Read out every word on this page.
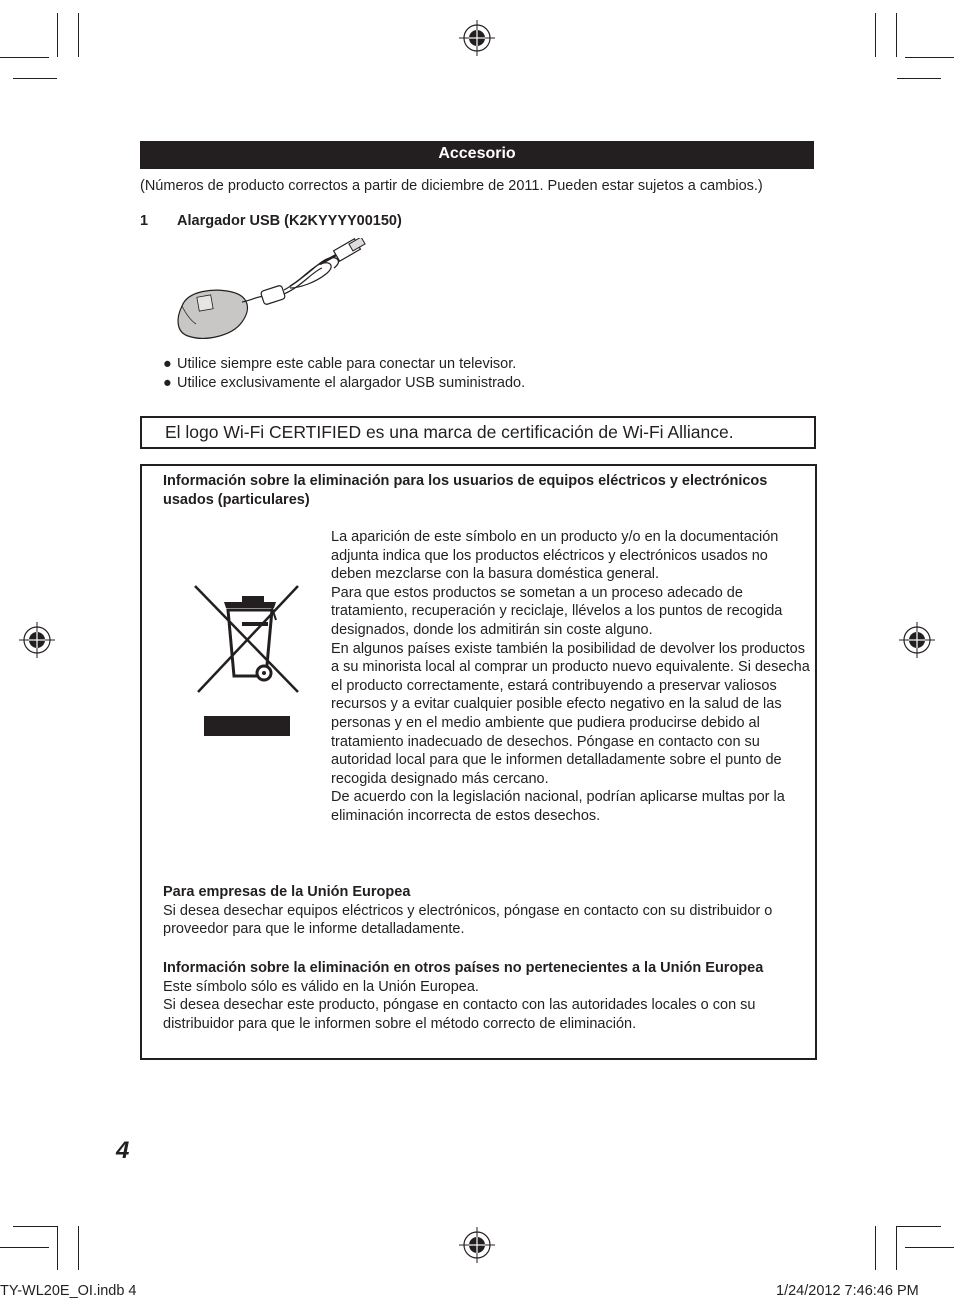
Accesorio
(Números de producto correctos a partir de diciembre de 2011. Pueden estar sujetos a cambios.)
1 Alargador USB (K2KYYYY00150)
● Utilice siempre este cable para conectar un televisor.
● Utilice exclusivamente el alargador USB suministrado.
El logo Wi-Fi CERTIFIED es una marca de certificación de Wi-Fi Alliance.
Información sobre la eliminación para los usuarios de equipos eléctricos y electrónicos usados (particulares)

La aparición de este símbolo en un producto y/o en la documentación adjunta indica que los productos eléctricos y electrónicos usados no deben mezclarse con la basura doméstica general.

Para que estos productos se sometan a un proceso adecado de tratamiento, recuperación y reciclaje, llévelos a los puntos de recogida designados, donde los admitirán sin coste alguno.

En algunos países existe también la posibilidad de devolver los productos a su minorista local al comprar un producto nuevo equivalente. Si desecha el producto correctamente, estará contribuyendo a preservar valiosos recursos y a evitar cualquier posible efecto negativo en la salud de las personas y en el medio ambiente que pudiera producirse debido al tratamiento inadecuado de desechos. Póngase en contacto con su autoridad local para que le informen detalladamente sobre el punto de recogida designado más cercano.

De acuerdo con la legislación nacional, podrían aplicarse multas por la eliminación incorrecta de estos desechos.

Para empresas de la Unión Europea

Si desea desechar equipos eléctricos y electrónicos, póngase en contacto con su distribuidor o proveedor para que le informe detalladamente.

Información sobre la eliminación en otros países no pertenecientes a la Unión Europea

Este símbolo sólo es válido en la Unión Europea.

Si desea desechar este producto, póngase en contacto con las autoridades locales o con su distribuidor para que le informen sobre el método correcto de eliminación.

4
TY-WL20E_OI.indb 4	1/24/2012 7:46:46 PM
